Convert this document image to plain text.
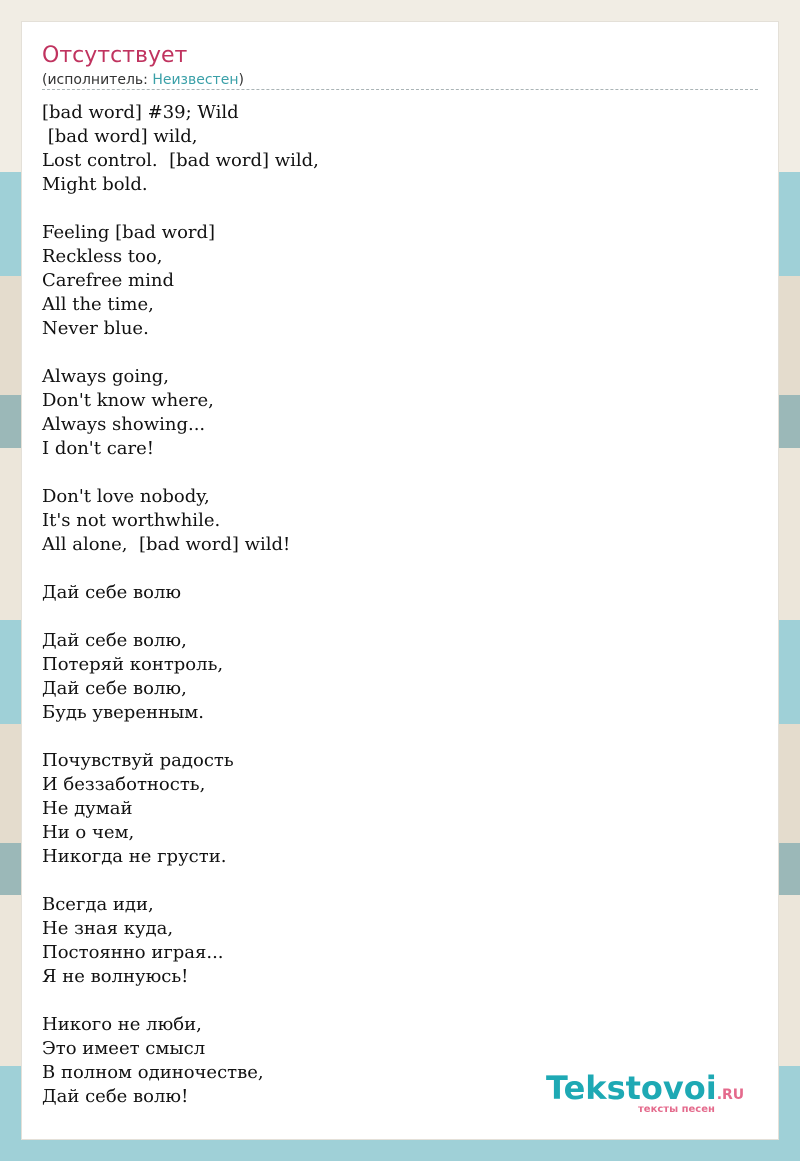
Отсутствует
(исполнитель: Неизвестен)
[bad word] #39; Wild
[bad word] wild,
Lost control.  [bad word] wild,
Might bold.
Feeling [bad word]
Reckless too,
Carefree mind
All the time,
Never blue.
Always going,
Don't know where,
Always showing...
I don't care!
Don't love nobody,
It's not worthwhile.
All alone,  [bad word] wild!
Дай себе волю
Дай себе волю,
Потеряй контроль,
Дай себе волю,
Будь уверенным.
Почувствуй радость
И беззаботность,
Не думай
Ни о чем,
Никогда не грусти.
Всегда иди,
Не зная куда,
Постоянно играя...
Я не волнуюсь!
Никого не люби,
Это имеет смысл
В полном одиночестве,
Дай себе волю!	Tekstovoi.RU
тексты песен
